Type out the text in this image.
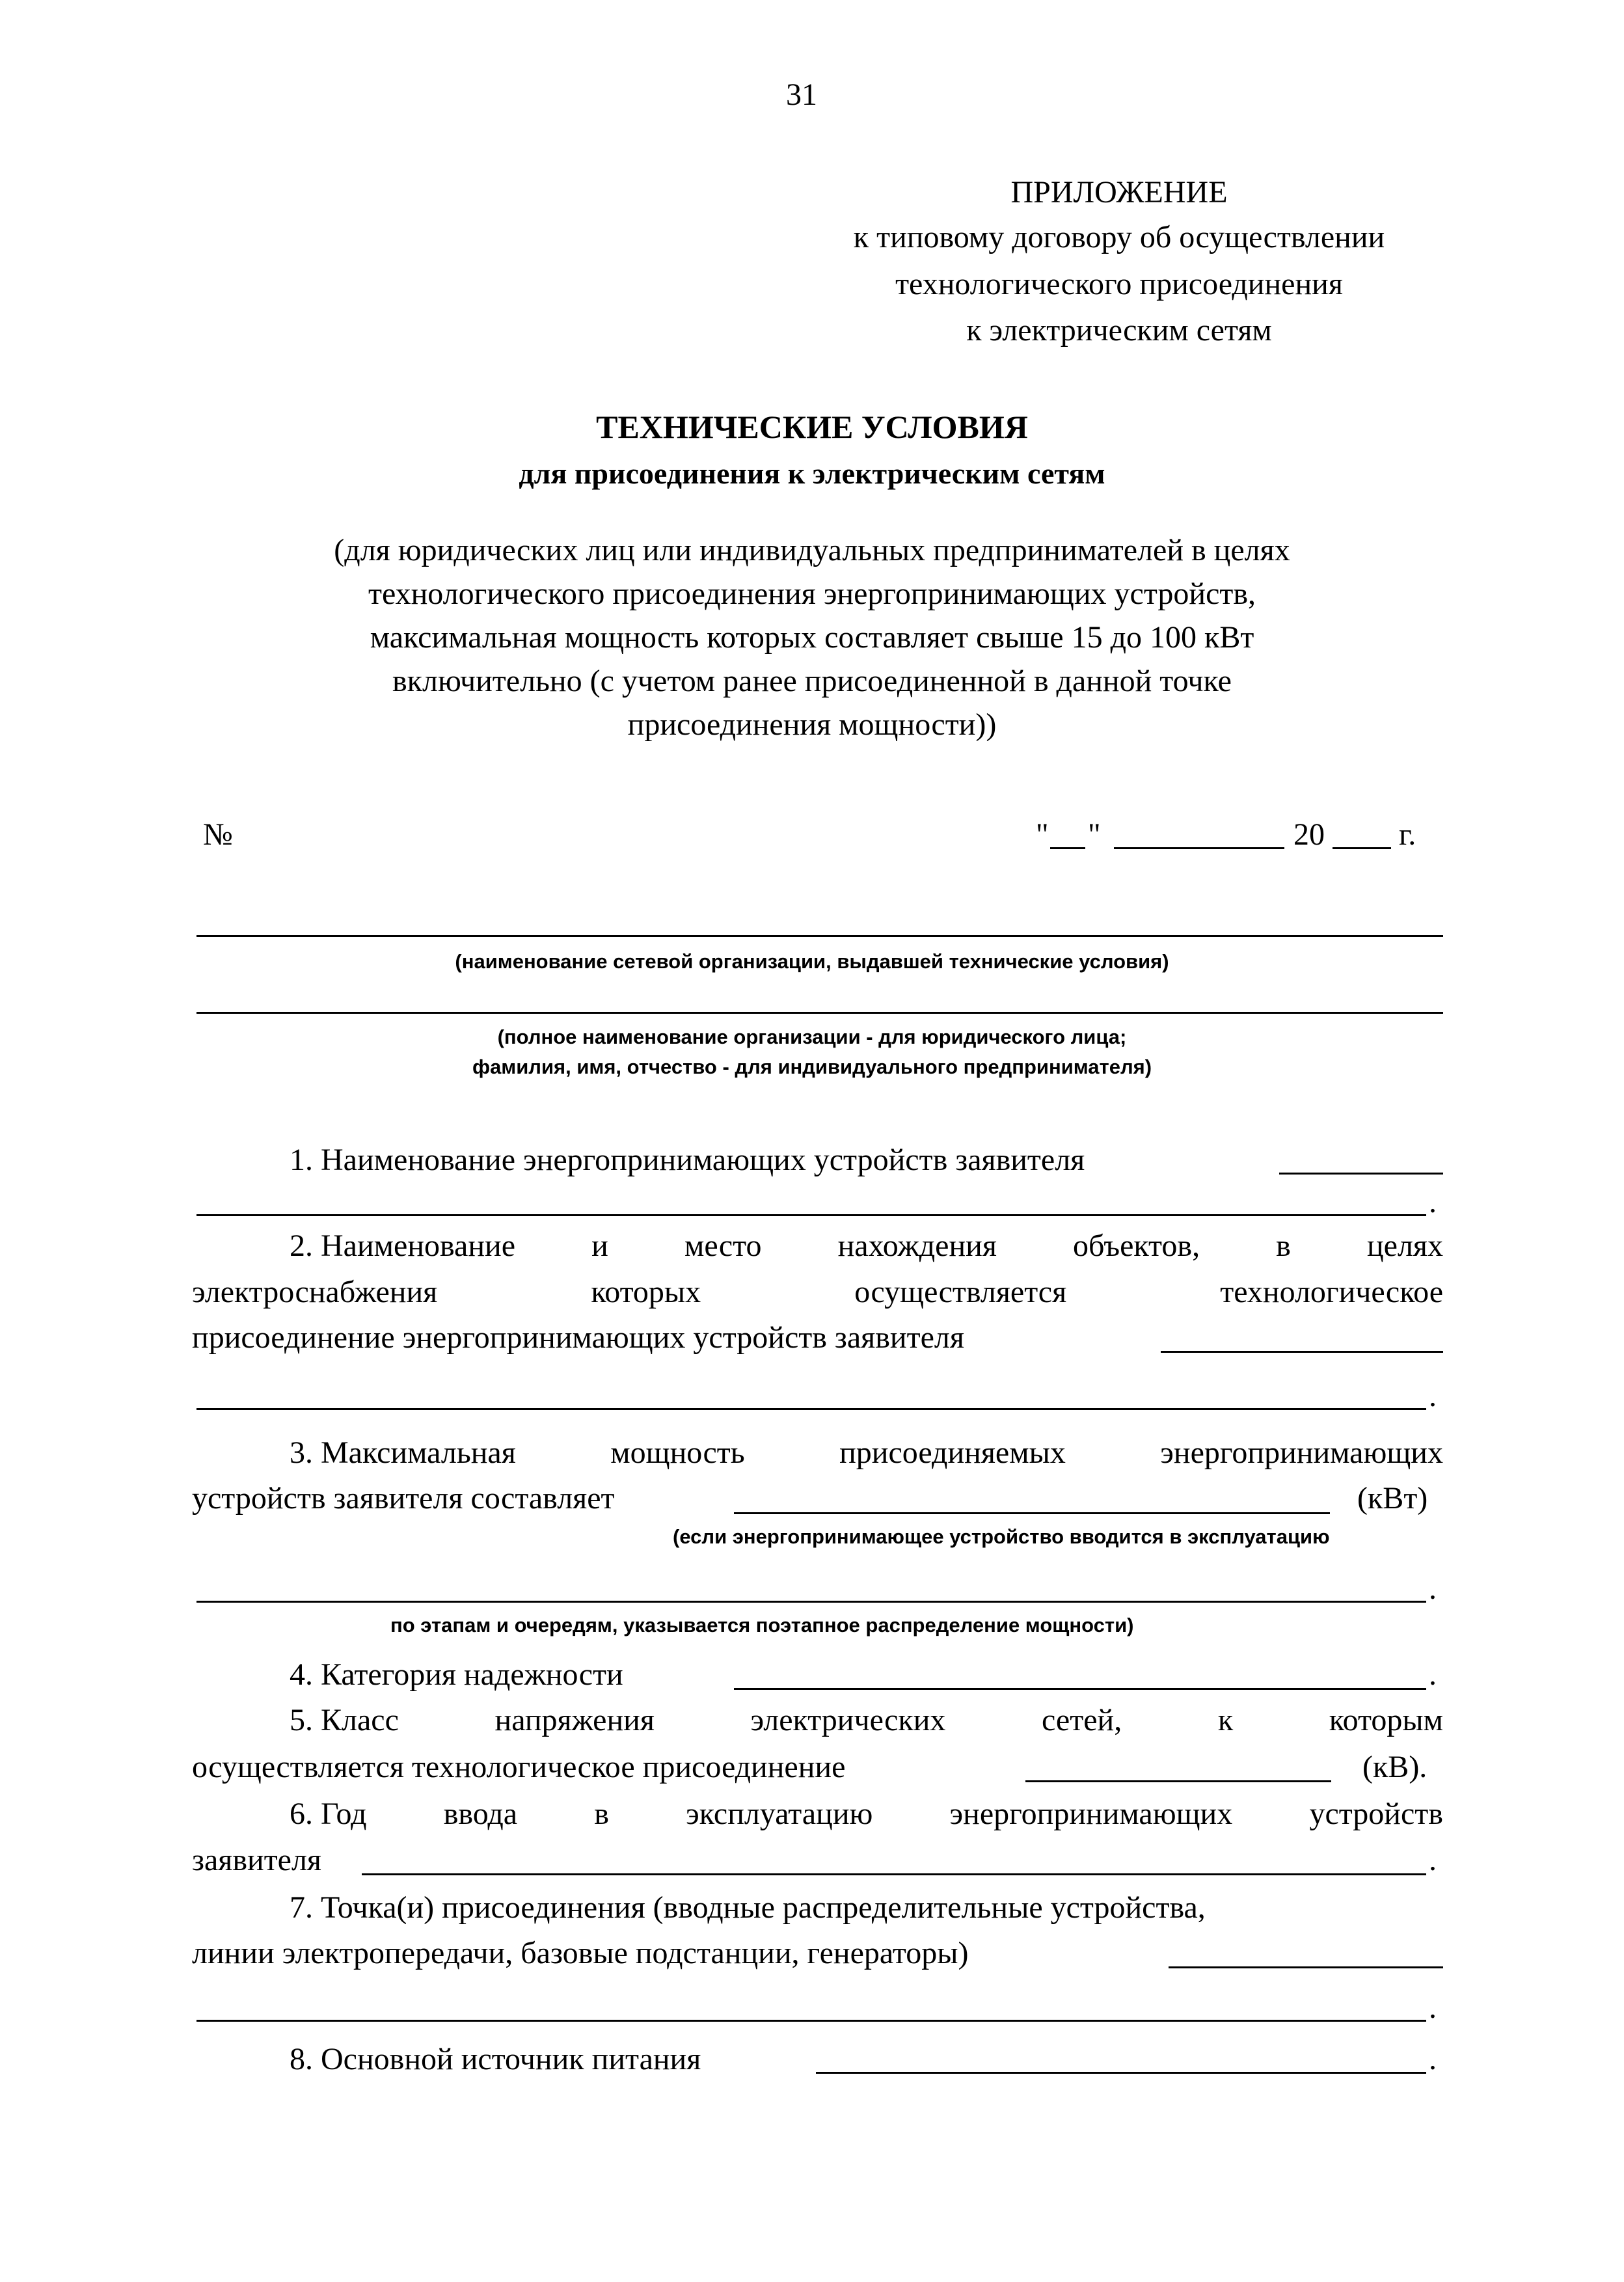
31
ПРИЛОЖЕНИЕ
к типовому договору об осуществлении
технологического присоединения
к электрическим сетям
ТЕХНИЧЕСКИЕ УСЛОВИЯ
для присоединения к электрическим сетям
(для юридических лиц или индивидуальных предпринимателей в целях
технологического присоединения энергопринимающих устройств,
максимальная мощность которых составляет свыше 15 до 100 кВт
включительно (с учетом ранее присоединенной в данной точке
присоединения мощности))
№	" "	20 г.
(наименование сетевой организации, выдавшей технические условия)
(полное наименование организации - для юридического лица;
фамилия, имя, отчество - для индивидуального предпринимателя)
1. Наименование энергопринимающих устройств заявителя
.
2. Наименование и место нахождения объектов, в целях
электроснабжения	которых	осуществляется	технологическое
присоединение энергопринимающих устройств заявителя
.
3. Максимальная	мощность	присоединяемых	энергопринимающих
устройств заявителя составляет	(кВт)
(если энергопринимающее устройство вводится в эксплуатацию
.
по этапам и очередям, указывается поэтапное распределение мощности)
4. Категория надежности	.
5. Класс	напряжения	электрических	сетей,	к	которым
осуществляется технологическое присоединение	(кВ).
6. Год ввода в эксплуатацию энергопринимающих устройств
заявителя	.
7. Точка(и) присоединения (вводные распределительные устройства,
линии электропередачи, базовые подстанции, генераторы)
.
8. Основной источник питания	.
